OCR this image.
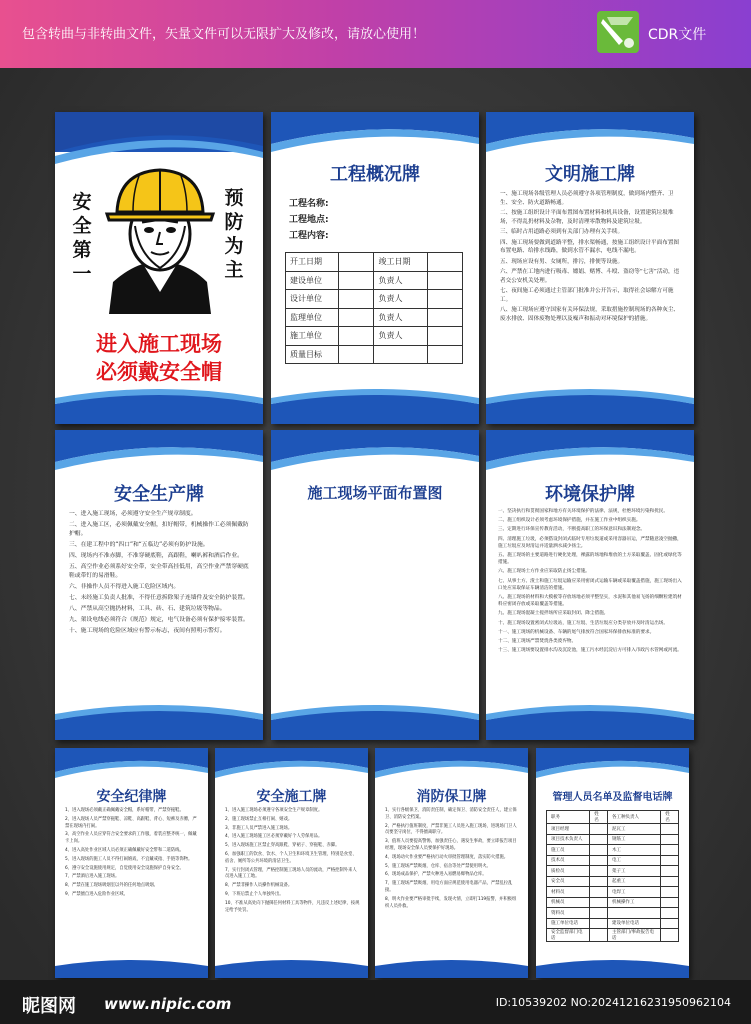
包含转曲与非转曲文件，矢量文件可以无限扩大及修改，请放心使用！	CDR文件
安
全
第
一
预
防
为
主
进入施工现场
必须戴安全帽
工程概况牌
工程名称:
工程地点:
工程内容:
开工日期		竣工日期	
建设单位		负责人	
设计单位		负责人	
监理单位		负责人	
施工单位		负责人	
质量目标			
文明施工牌

一、施工现场各级管理人员必须遵守各项管理制度，做到场内整齐、卫生、安全、防火道路畅通。

二、按施工组织设计平面布置图布置材料和机具设备，设置建筑垃圾堆场，不得乱扔材料及杂物，及时清理零散物料及建筑垃圾。

三、临时占用道路必须到有关部门办理有关手续。

四、施工现场要做到道路平整，排水渠畅通，按施工组织设计平面布置图布置电路、给排水线路，做到水管不漏水，电线不漏电。

五、现场应设有男、女厕所，排污，排便等设施。

六、严禁在工地内进行吸毒、嫖娼、赌博、斗殴、盗窃等“七害”活动，违者交公安机关处理。

七、夜间施工必须通过主管部门批准并公开告示，取得社会谅解方可施工。

八、施工现场应遵守国家有关环保法规，采取措施控制现场的各种灰尘、废水排放、固体废物处理以及噪声和振动对环境保护的措施。

安全生产牌

一、进入施工现场，必须遵守安全生产规章制度。

二、进入施工区，必须佩戴安全帽，扣好帽带，机械操作工必须佩戴防护帽。

三、在建工程中的“四口”和“五临边”必须有防护设施。

四、现场内不准赤脚，不准穿硬底鞋，高跟鞋，喇叭裤和酒后作业。

五、高空作业必须系好安全带，安全带高挂低用，高空作业严禁穿硬底鞋或带钉的易滑鞋。

六、非操作人员不得进入施工危险区域内。

七、未经施工负责人批准，不得任意拆除架子连墙件及安全防护装置。

八、严禁从高空抛扔材料，工具、砖、石、建筑垃圾等物品。

九、架设电线必须符合《规范》规定，电气设备必须有保护接零装置。

十、施工现场的危险区域应有警示标志，夜间有照明示警灯。

施工现场平面布置图	环境保护牌

一、坚决执行和贯彻国家和地方有关环境保护的法律、法规，杜绝环境污染和扰民。

二、施工组织设计必须考虑环境保护措施，并在施工作业中组织实施。

三、定期进行环保宣传教育活动，不断提高职工的环保意识和法制观念。

四、清理施工垃圾，必须搭设封闭式临时专用垃圾道或采用容器吊运，严禁随意凌空抛撒，施工垃圾应及时清运并适量洒水减少扬尘。

五、施工现场的主要道路进行硬化处理，裸露的场地和堆放的土方采取覆盖、固化或绿化等措施。

六、施工现场土方作业应采取防止扬尘措施。

七、从事土方、渣土和施工垃圾运输应采用密闭式运输车辆或采取覆盖措施，施工现场出入口处应采取保证车辆清洁的措施。

八、施工现场的材料和大模板等存放场地必须平整坚实，水泥和其他易飞扬的细颗粒建筑材料应密闭存放或采取覆盖等措施。

九、施工现场混凝土搅拌场所应采取封闭、降尘措施。

十、施工现场设置密闭式垃圾站，施工垃圾、生活垃圾应分类存放并及时清运出场。

十一、施工现场的机械设备、车辆的尾气排放符合国家环保排放标准的要求。

十二、施工现场严禁焚烧各类废弃物。

十三、施工现场要设置排水沟及沉淀池，施工污水经沉淀后方可排入市政污水管网或河流。

安全纪律牌

1、进入现场必须戴正确佩戴安全帽，系好帽带，严禁穿拖鞋。

2、进入现场人员严禁穿拖鞋、凉鞋、高跟鞋、背心、短裤及赤膊，严禁在现场内打闹。

3、高空作业人员应穿符合安全要求的工作服，着装应整齐统一，佩戴卡上岗。

4、进入高处作业区域人员必须正确佩戴好安全带和二道防线。

5、进入现场的施工人员不得打闹嬉戏，不宜戴戒指、手链等饰物。

6、遵守安全设施使用规定，自觉使用安全设施保护自身安全。

7、严禁酒后进入施工现场。

8、严禁在施工现场吸烟室以外的任何地点吸烟。

9、严禁擅自进入危险作业区域。

安全施工牌

1、进入施工现场必须遵守各项安全生产规章制度。

2、施工现场禁止互相打闹、嬉戏。

3、非施工人员严禁进入施工现场。

4、进入施工现场施工区必须穿戴好个人劳保用品。

5、进入现场施工区禁止穿高跟鞋、穿裙子、穿拖鞋、赤脚。

6、加强职工的饮食、饮水、个人卫生和环境卫生管理，特别是食堂、宿舍、厕所等公共环境的清洁卫生。

7、实行封闭式管理，严格控制施工现场人员的流动，严格控制外来人员进入施工工地。

8、严禁非操作人员操作机械设备。

9、下班后禁止个人单独外出。

10、不准从高处向下抛掷任何材料工具等物件，凡违反上述纪律，按规定给予处罚。

消防保卫牌

1、实行各级保卫、消防责任制，确定保卫、消防安全责任人，建立保卫、消防安全档案。

2、严格执行值班制度，严禁非施工人员进入施工现场，进现场门卫人员要坚守岗位，不得擅离职守。

3、值班人员要提高警惕，加强责任心，遇发生事故，要立即报告项目经理，现场安全保人员要保护好现场。

4、现场动火作业要严格执行动火审批管理制度，落实防火措施。

5、施工现场严禁吸烟，仓库、宿舍等处严禁使用明火。

6、现场成品保护，严禁火种进入易燃易爆物品仓库。

7、施工现场严禁吸烟，用电方面应规范使用电器产品，严禁乱拉乱接。

8、明火作业要严格审批手续，发现火情，立即打119报警，并积极组织人员扑救。

管理人员名单及监督电话牌
职务	姓名	各工种负责人	姓名
项目经理		泥瓦工	
项目技术负责人		钢筋工	
施工员		木工	
技术员		电工	
质检员		架子工	
安全员		起重工	
材料员		电焊工	
机械员		机械操作工	
资料员			
施工单位电话		建设单位电话	
安全监督部门电话		主管部门/事故报告电话	
昵图网 www.nipic.com	ID:10539202 NO:20241216231950962104
